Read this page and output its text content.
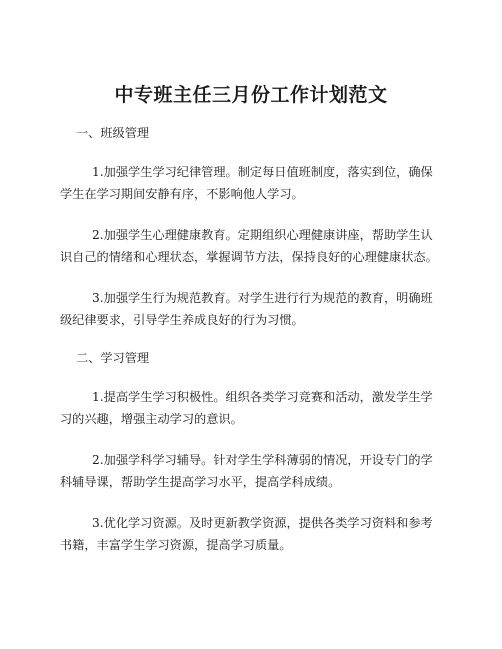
中专班主任三月份工作计划范文
一、班级管理
1.加强学生学习纪律管理。制定每日值班制度，落实到位，确保
学生在学习期间安静有序，不影响他人学习。
2.加强学生心理健康教育。定期组织心理健康讲座，帮助学生认
识自己的情绪和心理状态，掌握调节方法，保持良好的心理健康状态。
3.加强学生行为规范教育。对学生进行行为规范的教育，明确班
级纪律要求，引导学生养成良好的行为习惯。
二、学习管理
1.提高学生学习积极性。组织各类学习竞赛和活动，激发学生学
习的兴趣，增强主动学习的意识。
2.加强学科学习辅导。针对学生学科薄弱的情况，开设专门的学
科辅导课，帮助学生提高学习水平，提高学科成绩。
3.优化学习资源。及时更新教学资源，提供各类学习资料和参考
书籍，丰富学生学习资源，提高学习质量。
